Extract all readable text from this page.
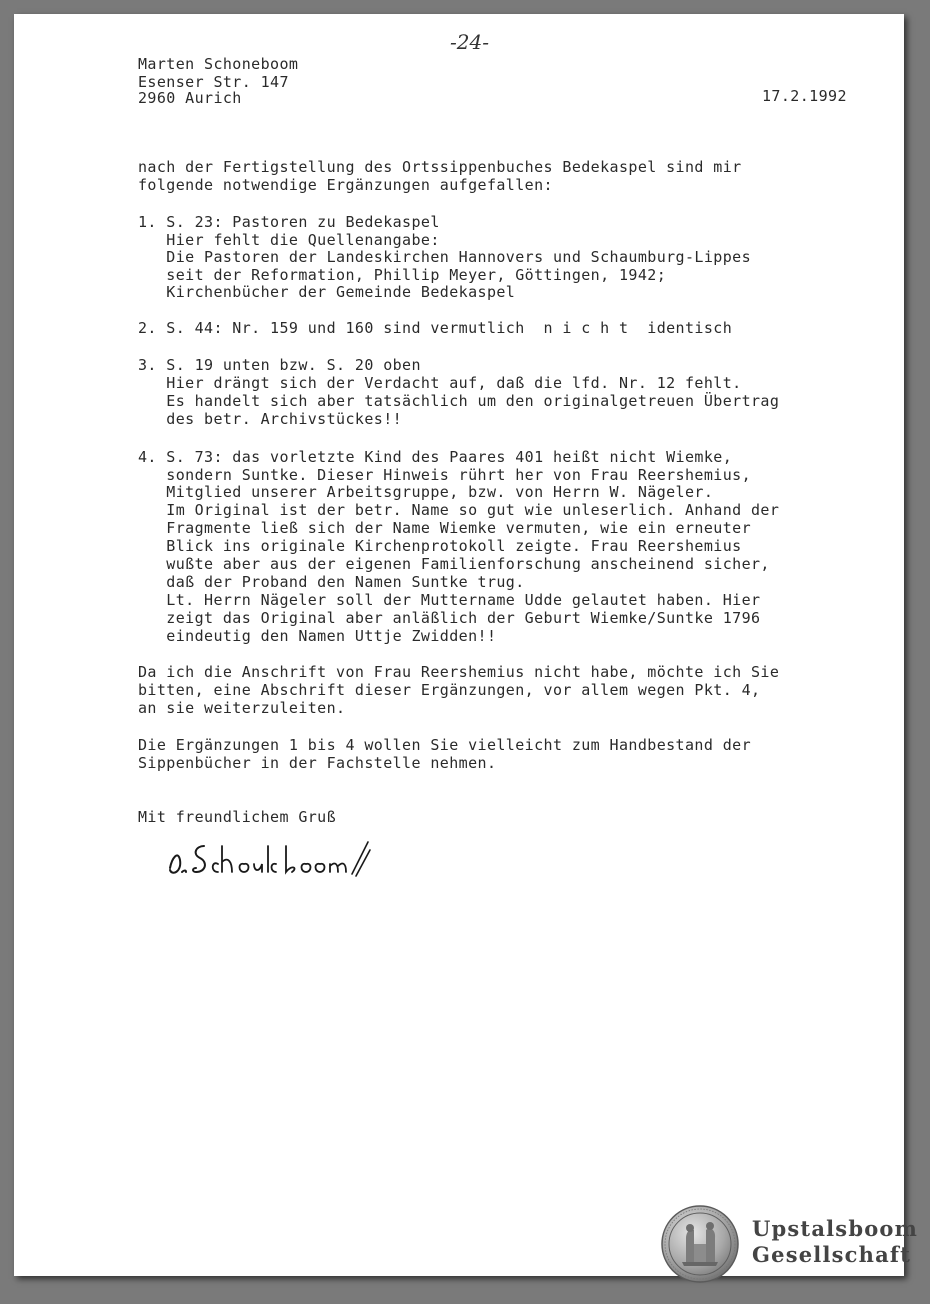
-24-
Marten Schoneboom
Esenser Str. 147
2960 Aurich	17.2.1992
nach der Fertigstellung des Ortssippenbuches Bedekaspel sind mir
folgende notwendige Ergänzungen aufgefallen:
1. S. 23: Pastoren zu Bedekaspel
Hier fehlt die Quellenangabe:
Die Pastoren der Landeskirchen Hannovers und Schaumburg-Lippes
seit der Reformation, Phillip Meyer, Göttingen, 1942;
Kirchenbücher der Gemeinde Bedekaspel
2. S. 44: Nr. 159 und 160 sind vermutlich  n i c h t  identisch
3. S. 19 unten bzw. S. 20 oben
Hier drängt sich der Verdacht auf, daß die lfd. Nr. 12 fehlt.
Es handelt sich aber tatsächlich um den originalgetreuen Übertrag
des betr. Archivstückes!!
4. S. 73: das vorletzte Kind des Paares 401 heißt nicht Wiemke,
sondern Suntke. Dieser Hinweis rührt her von Frau Reershemius,
Mitglied unserer Arbeitsgruppe, bzw. von Herrn W. Nägeler.
Im Original ist der betr. Name so gut wie unleserlich. Anhand der
Fragmente ließ sich der Name Wiemke vermuten, wie ein erneuter
Blick ins originale Kirchenprotokoll zeigte. Frau Reershemius
wußte aber aus der eigenen Familienforschung anscheinend sicher,
daß der Proband den Namen Suntke trug.
Lt. Herrn Nägeler soll der Muttername Udde gelautet haben. Hier
zeigt das Original aber anläßlich der Geburt Wiemke/Suntke 1796
eindeutig den Namen Uttje Zwidden!!
Da ich die Anschrift von Frau Reershemius nicht habe, möchte ich Sie
bitten, eine Abschrift dieser Ergänzungen, vor allem wegen Pkt. 4,
an sie weiterzuleiten.
Die Ergänzungen 1 bis 4 wollen Sie vielleicht zum Handbestand der
Sippenbücher in der Fachstelle nehmen.
Mit freundlichem Gruß
Upstalsboom
Gesellschaft
